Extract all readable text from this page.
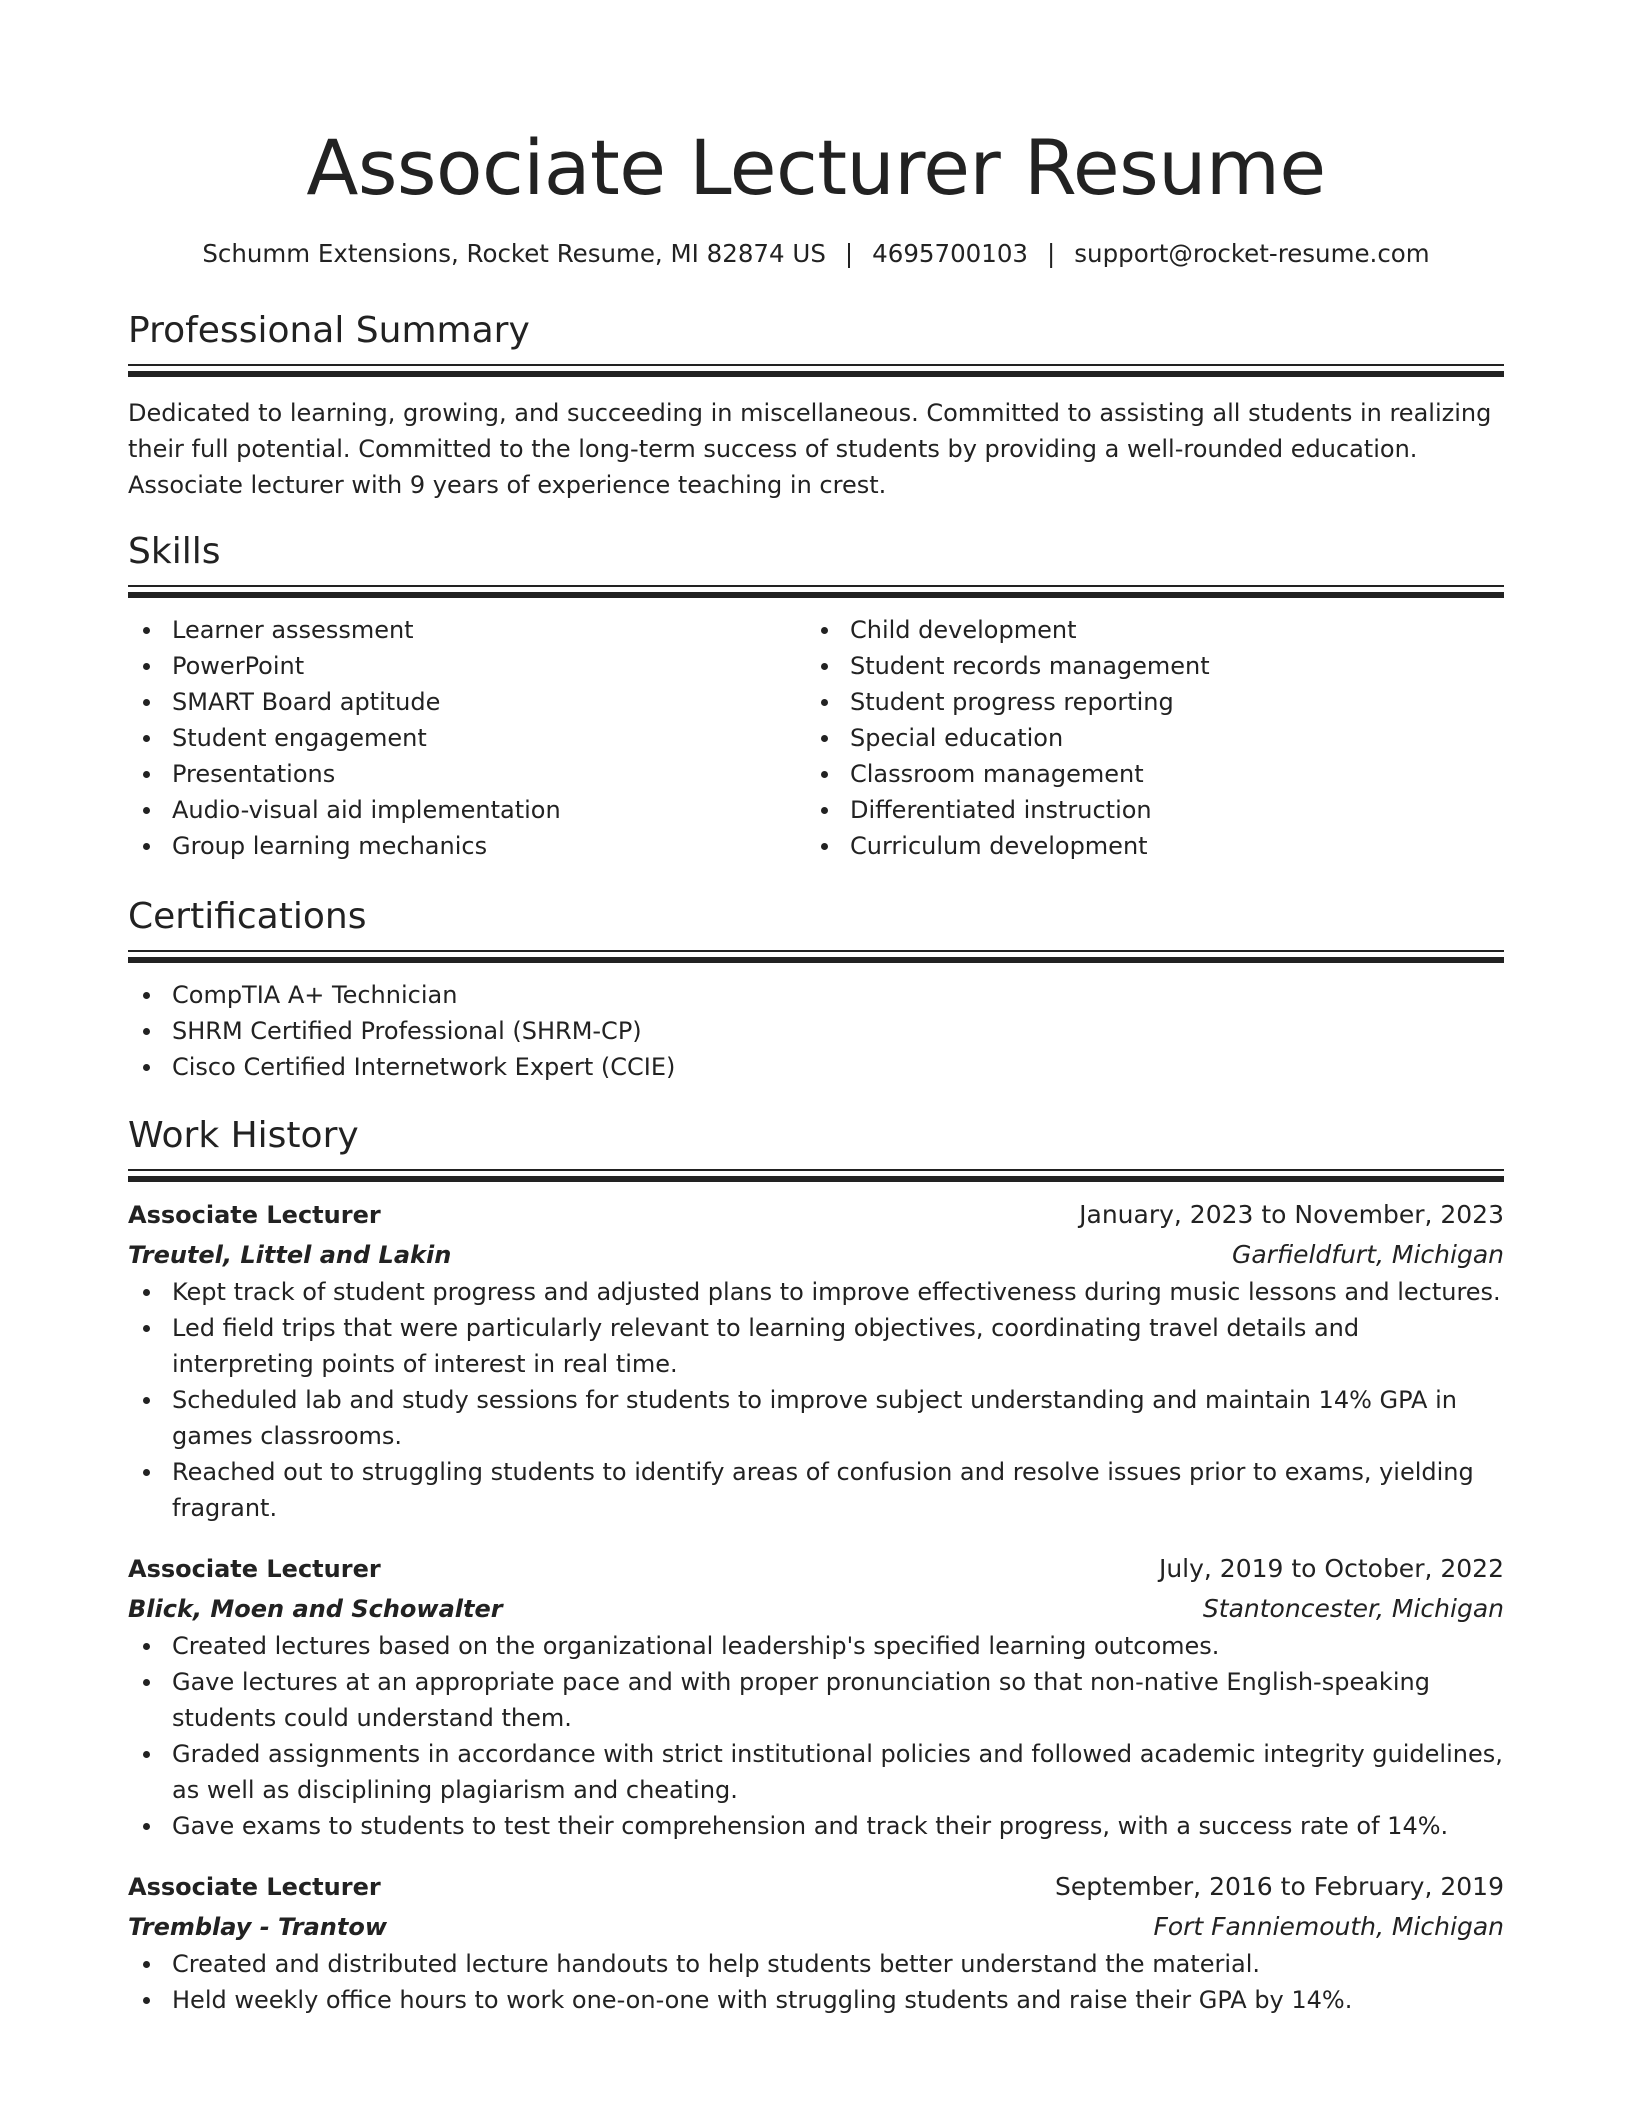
Associate Lecturer Resume
Schumm Extensions, Rocket Resume, MI 82874 US | 4695700103 | support@rocket-resume.com
Professional Summary

Dedicated to learning, growing, and succeeding in miscellaneous. Committed to assisting all students in realizing their full potential. Committed to the long-term success of students by providing a well-rounded education. Associate lecturer with 9 years of experience teaching in crest.

Skills
Learner assessment
PowerPoint
SMART Board aptitude
Student engagement
Presentations
Audio-visual aid implementation
Group learning mechanics
Child development
Student records management
Student progress reporting
Special education
Classroom management
Differentiated instruction
Curriculum development
Certifications
CompTIA A+ Technician
SHRM Certified Professional (SHRM-CP)
Cisco Certified Internetwork Expert (CCIE)
Work History
Associate Lecturer	January, 2023 to November, 2023
Treutel, Littel and Lakin	Garfieldfurt, Michigan
Kept track of student progress and adjusted plans to improve effectiveness during music lessons and lectures.
Led field trips that were particularly relevant to learning objectives, coordinating travel details and interpreting points of interest in real time.
Scheduled lab and study sessions for students to improve subject understanding and maintain 14% GPA in games classrooms.
Reached out to struggling students to identify areas of confusion and resolve issues prior to exams, yielding fragrant.
Associate Lecturer	July, 2019 to October, 2022
Blick, Moen and Schowalter	Stantoncester, Michigan
Created lectures based on the organizational leadership's specified learning outcomes.
Gave lectures at an appropriate pace and with proper pronunciation so that non-native English-speaking students could understand them.
Graded assignments in accordance with strict institutional policies and followed academic integrity guidelines, as well as disciplining plagiarism and cheating.
Gave exams to students to test their comprehension and track their progress, with a success rate of 14%.
Associate Lecturer	September, 2016 to February, 2019
Tremblay - Trantow	Fort Fanniemouth, Michigan
Created and distributed lecture handouts to help students better understand the material.
Held weekly office hours to work one-on-one with struggling students and raise their GPA by 14%.
